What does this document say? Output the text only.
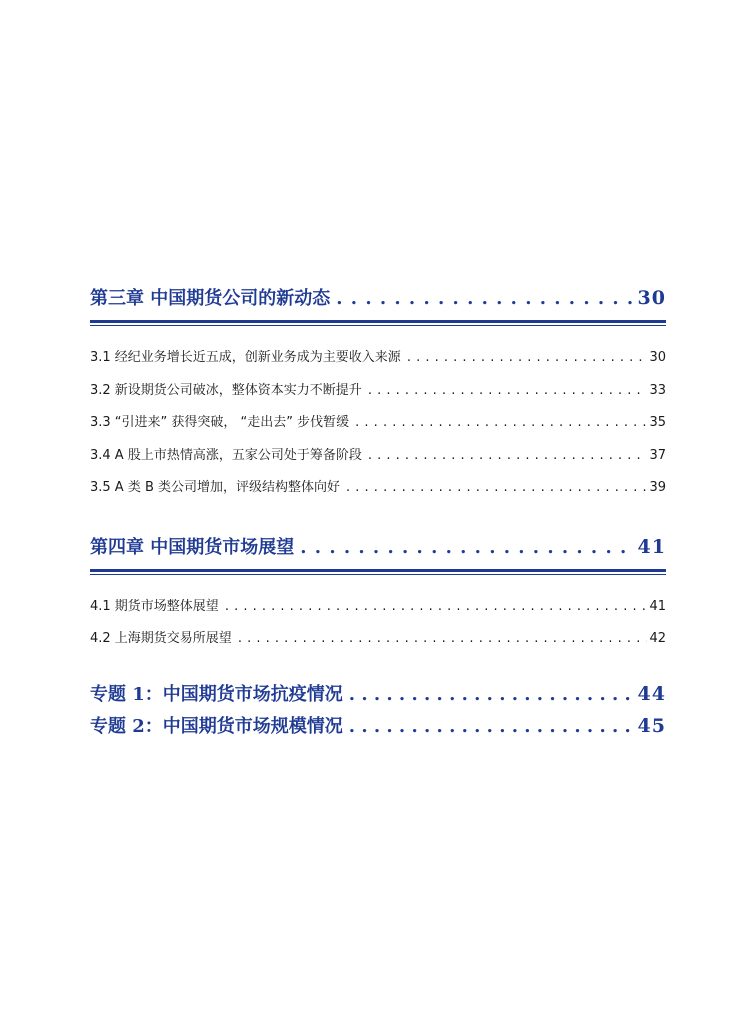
第三章 中国期货公司的新动态 . . .	30
3.1 经纪业务增长近五成，创新业务成为主要收入来源 . . .	30
3.2 新设期货公司破冰，整体资本实力不断提升 . . .	33
3.3 “引进来” 获得突破， “走出去” 步伐暂缓 . . .	35
3.4 A 股上市热情高涨，五家公司处于筹备阶段 . . .	37
3.5 A 类 B 类公司增加，评级结构整体向好 . . .	39
第四章 中国期货市场展望 . . .	41
4.1 期货市场整体展望 . . .	41
4.2 上海期货交易所展望 . . .	42
专题 1：中国期货市场抗疫情况 . . .	44
专题 2：中国期货市场规模情况 . . .	45
